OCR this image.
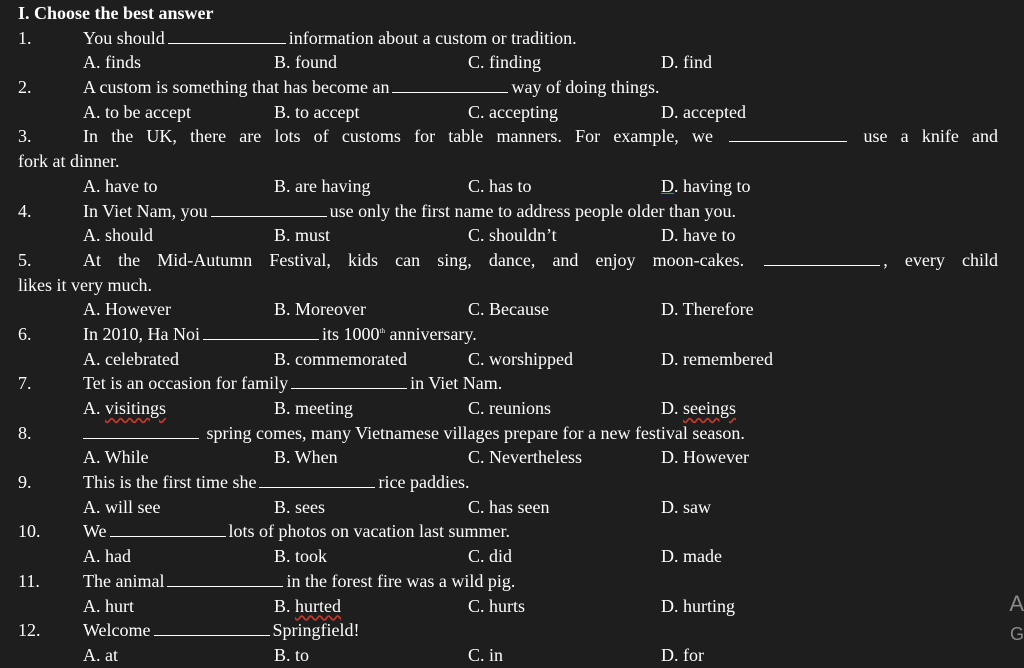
I. Choose the best answer
1.	You should	information about a custom or tradition.
A. finds	B. found	C. finding	D. find
2.	A custom is something that has become an	way of doing things.
A. to be accept	B. to accept	C. accepting	D. accepted
3.	In the UK, there are lots of customs for table manners. For example, we	use a knife and
fork at dinner.
A. have to	B. are having	C. has to	D. having to
4.	In Viet Nam, you	use only the first name to address people older than you.
A. should	B. must	C. shouldn’t	D. have to
5.	At the Mid-Autumn Festival, kids can sing, dance, and enjoy moon-cakes.	, every child
likes it very much.
A. However	B. Moreover	C. Because	D. Therefore
6.	In 2010, Ha Noi	its 1000th anniversary.
A. celebrated	B. commemorated	C. worshipped	D. remembered
7.	Tet is an occasion for family	in Viet Nam.
A. visitings	B. meeting	C. reunions	D. seeings
8.	spring comes, many Vietnamese villages prepare for a new festival season.
A. While	B. When	C. Nevertheless	D. However
9.	This is the first time she	rice paddies.
A. will see	B. sees	C. has seen	D. saw
10. We	lots of photos on vacation last summer.
A. had	B. took	C. did	D. made
11. The animal	in the forest fire was a wild pig.
A. hurt	B. hurted	C. hurts	D. hurting
12. Welcome	Springfield!
A. at	B. to	C. in	D. for
A
G
